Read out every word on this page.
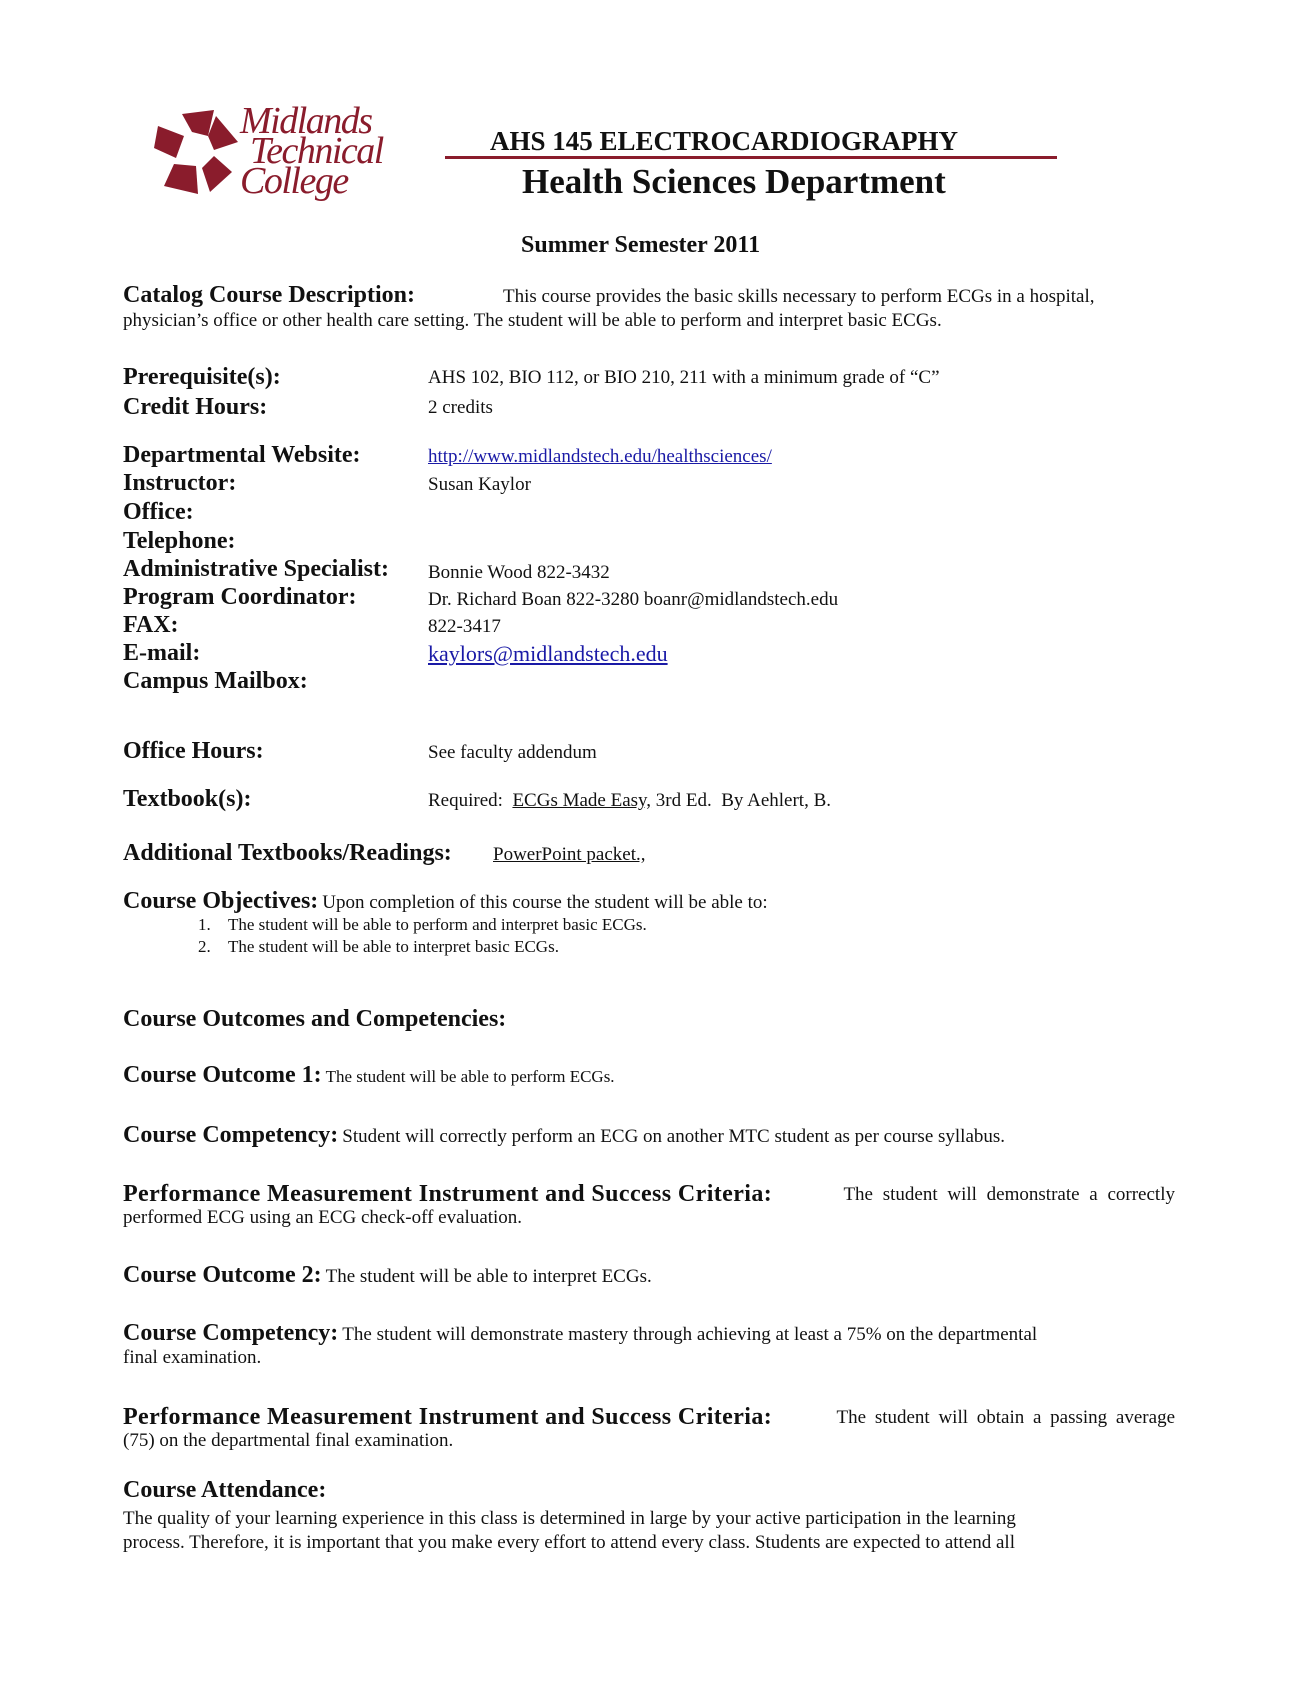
Midlands
Technical
College
AHS 145 ELECTROCARDIOGRAPHY
Health Sciences Department
Summer Semester 2011
Catalog Course Description:	This course provides the basic skills necessary to perform ECGs in a hospital,
physician’s office or other health care setting. The student will be able to perform and interpret basic ECGs.
Prerequisite(s):	AHS 102, BIO 112, or BIO 210, 211 with a minimum grade of “C”
Credit Hours:	2 credits
Departmental Website:	http://www.midlandstech.edu/healthsciences/
Instructor:	Susan Kaylor
Office:
Telephone:
Administrative Specialist: Bonnie Wood 822-3432
Program Coordinator:	Dr. Richard Boan 822-3280 boanr@midlandstech.edu
FAX:	822-3417
E-mail:	kaylors@midlandstech.edu
Campus Mailbox:
Office Hours:	See faculty addendum
Textbook(s):	Required:  ECGs Made Easy, 3rd Ed.  By Aehlert, B.
Additional Textbooks/Readings: PowerPoint packet.,
Course Objectives: Upon completion of this course the student will be able to:
1. The student will be able to perform and interpret basic ECGs.
2. The student will be able to interpret basic ECGs.
Course Outcomes and Competencies:
Course Outcome 1: The student will be able to perform ECGs.
Course Competency: Student will correctly perform an ECG on another MTC student as per course syllabus.
Performance Measurement Instrument and Success Criteria:	The student will demonstrate a correctly
performed ECG using an ECG check-off evaluation.
Course Outcome 2: The student will be able to interpret ECGs.
Course Competency: The student will demonstrate mastery through achieving at least a 75% on the departmental
final examination.
Performance Measurement Instrument and Success Criteria:	The student will obtain a passing average
(75) on the departmental final examination.
Course Attendance:
The quality of your learning experience in this class is determined in large by your active participation in the learning
process. Therefore, it is important that you make every effort to attend every class. Students are expected to attend all
